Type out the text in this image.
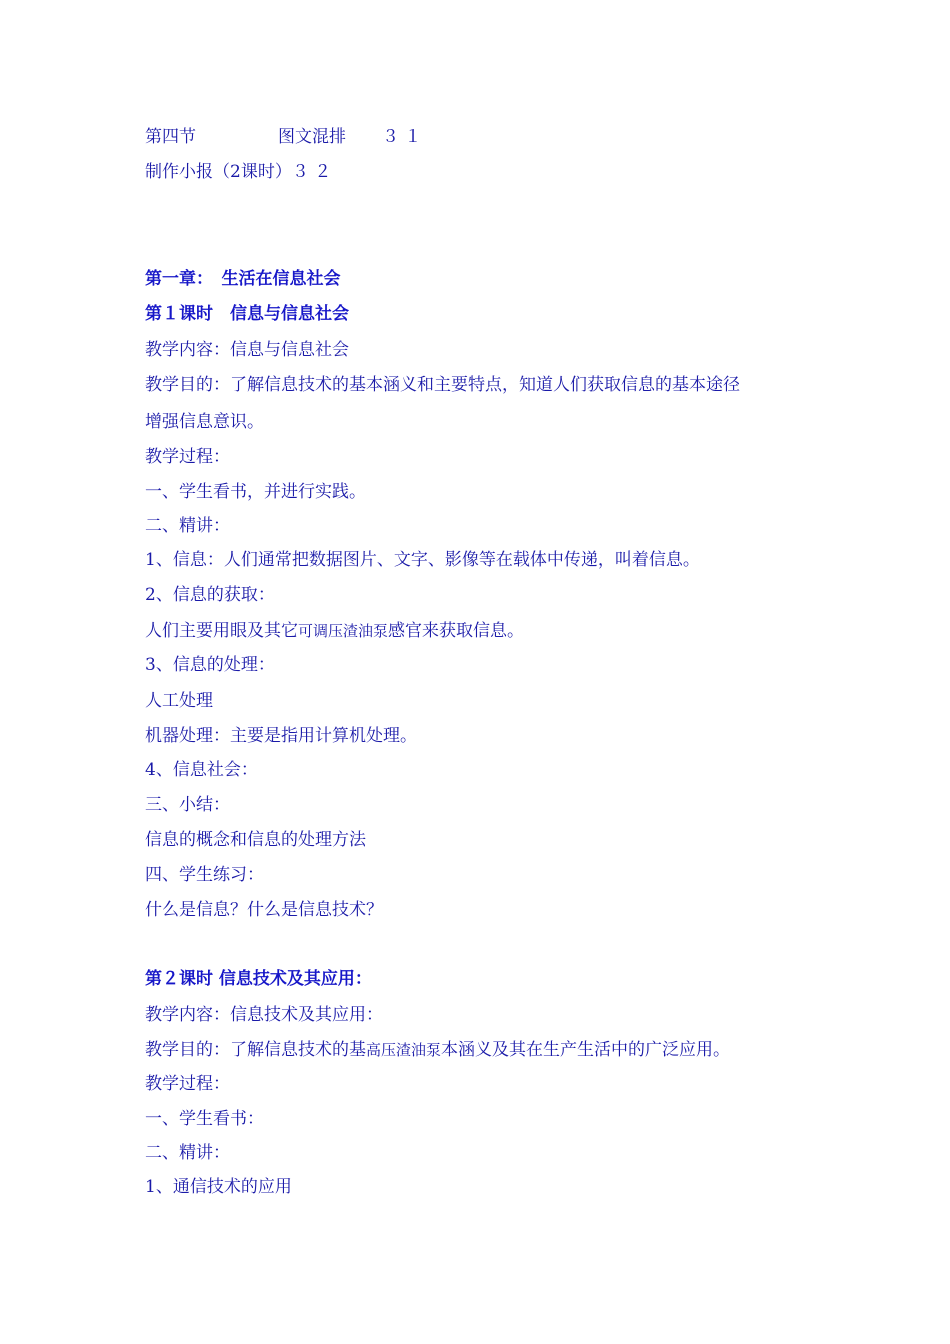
第四节	图文混排 ３ １
制作小报（2课时）３ ２
第一章：　生活在信息社会
第１课时　信息与信息社会
教学内容：信息与信息社会
教学目的：了解信息技术的基本涵义和主要特点，知道人们获取信息的基本途径
增强信息意识。
教学过程：
一、学生看书，并进行实践。
二、精讲：
1、信息：人们通常把数据图片、文字、影像等在载体中传递，叫着信息。
2、信息的获取：
人们主要用眼及其它可调压渣油泵感官来获取信息。
3、信息的处理：
人工处理
机器处理：主要是指用计算机处理。
4、信息社会：
三、小结：
信息的概念和信息的处理方法
四、学生练习：
什么是信息？什么是信息技术？
第２课时 信息技术及其应用：
教学内容：信息技术及其应用：
教学目的：了解信息技术的基高压渣油泵本涵义及其在生产生活中的广泛应用。
教学过程：
一、学生看书：
二、精讲：
1、通信技术的应用
